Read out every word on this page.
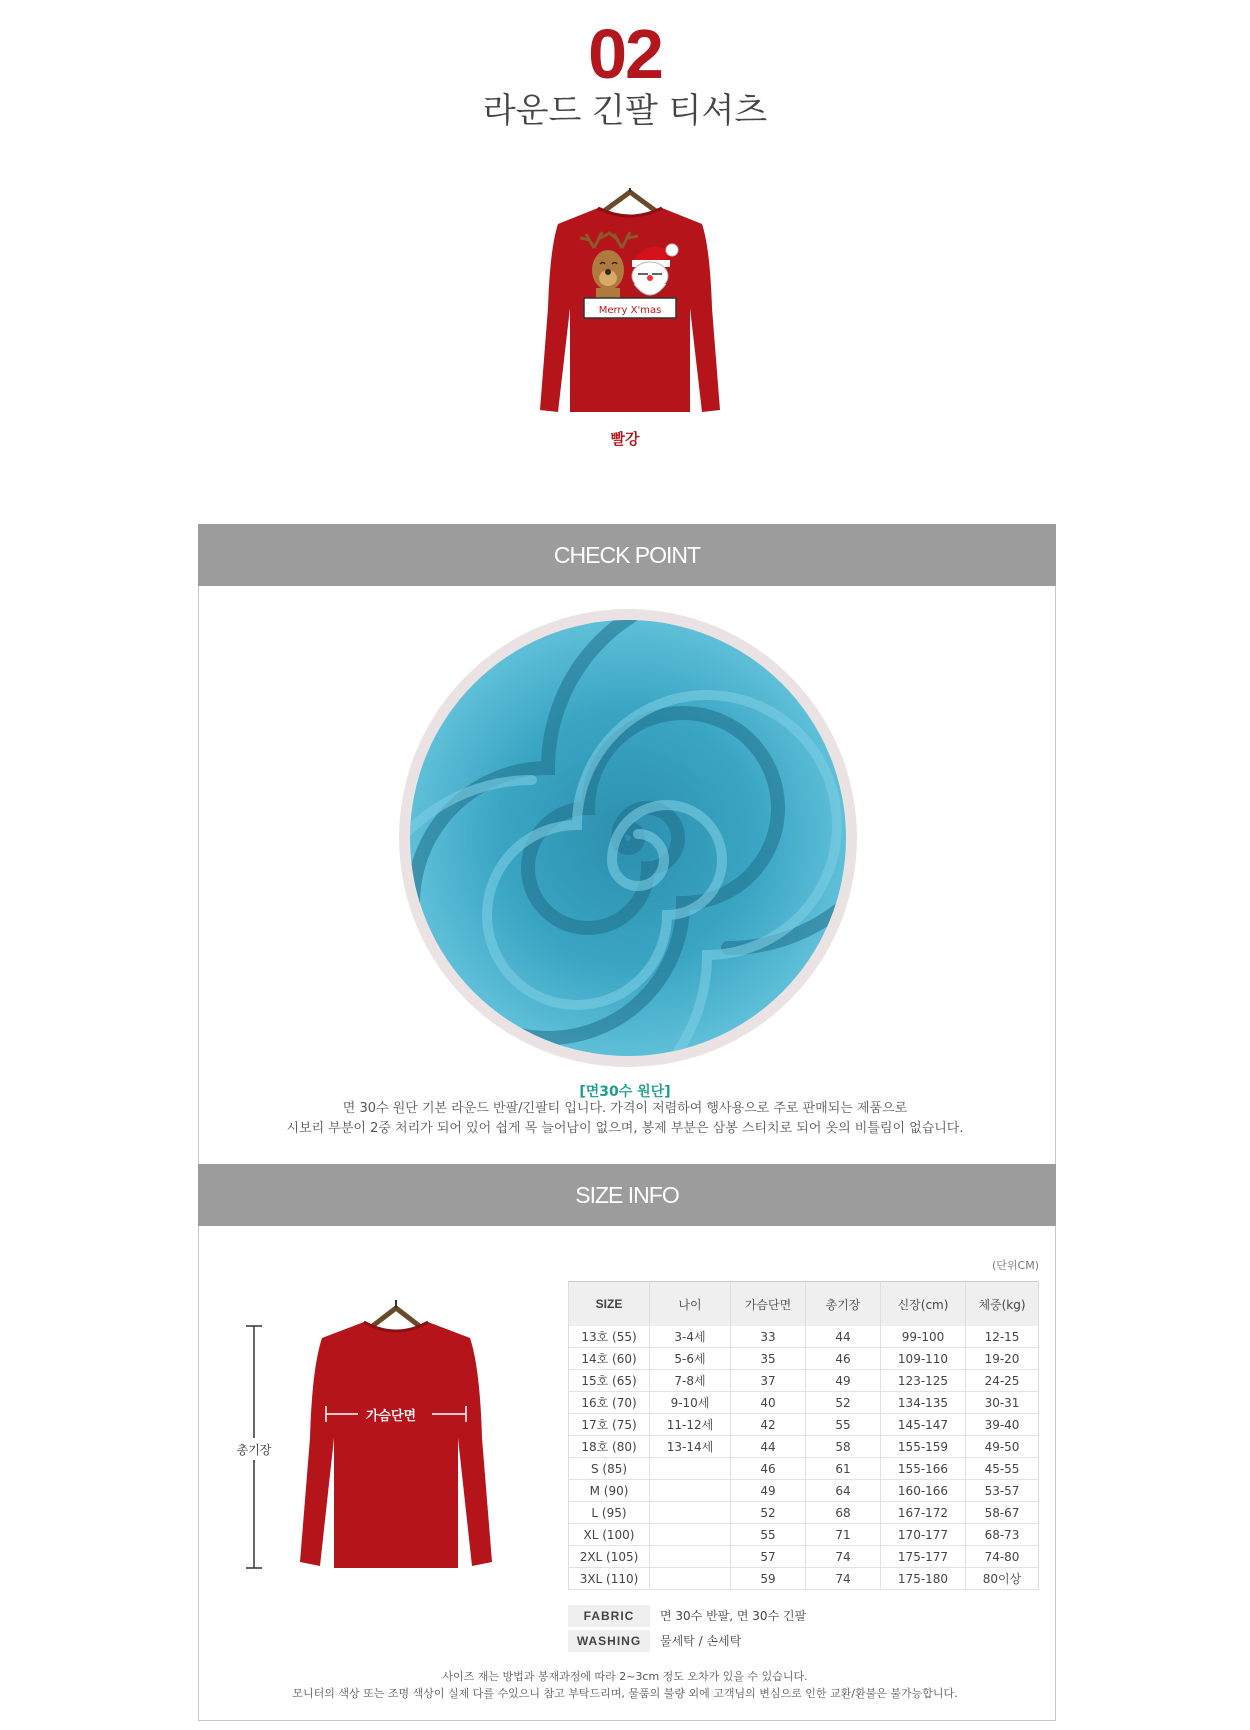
02
라운드 긴팔 티셔츠
Merry X'mas
빨강
CHECK POINT
[면30수 원단]
면 30수 원단 기본 라운드 반팔/긴팔티 입니다. 가격이 저렴하여 행사용으로 주로 판매되는 제품으로
시보리 부분이 2중 처리가 되어 있어 쉽게 목 늘어남이 없으며, 봉제 부분은 삼봉 스티치로 되어 옷의 비틀림이 없습니다.
SIZE INFO
(단위CM)
가슴단면
총기장
SIZE	나이	가슴단면	총기장	신장(cm)	체중(kg)
13호 (55)	3-4세	33	44	99-100	12-15
14호 (60)	5-6세	35	46	109-110	19-20
15호 (65)	7-8세	37	49	123-125	24-25
16호 (70)	9-10세	40	52	134-135	30-31
17호 (75)	11-12세	42	55	145-147	39-40
18호 (80)	13-14세	44	58	155-159	49-50
S (85)		46	61	155-166	45-55
M (90)		49	64	160-166	53-57
L (95)		52	68	167-172	58-67
XL (100)		55	71	170-177	68-73
2XL (105)		57	74	175-177	74-80
3XL (110)		59	74	175-180	80이상
FABRIC	면 30수 반팔, 면 30수 긴팔
WASHING	물세탁 / 손세탁
사이즈 재는 방법과 봉재과정에 따라 2~3cm 정도 오차가 있을 수 있습니다.
모니터의 색상 또는 조명 색상이 실제 다를 수있으니 참고 부탁드리며, 물품의 불량 외에 고객님의 변심으로 인한 교환/환불은 불가능합니다.
